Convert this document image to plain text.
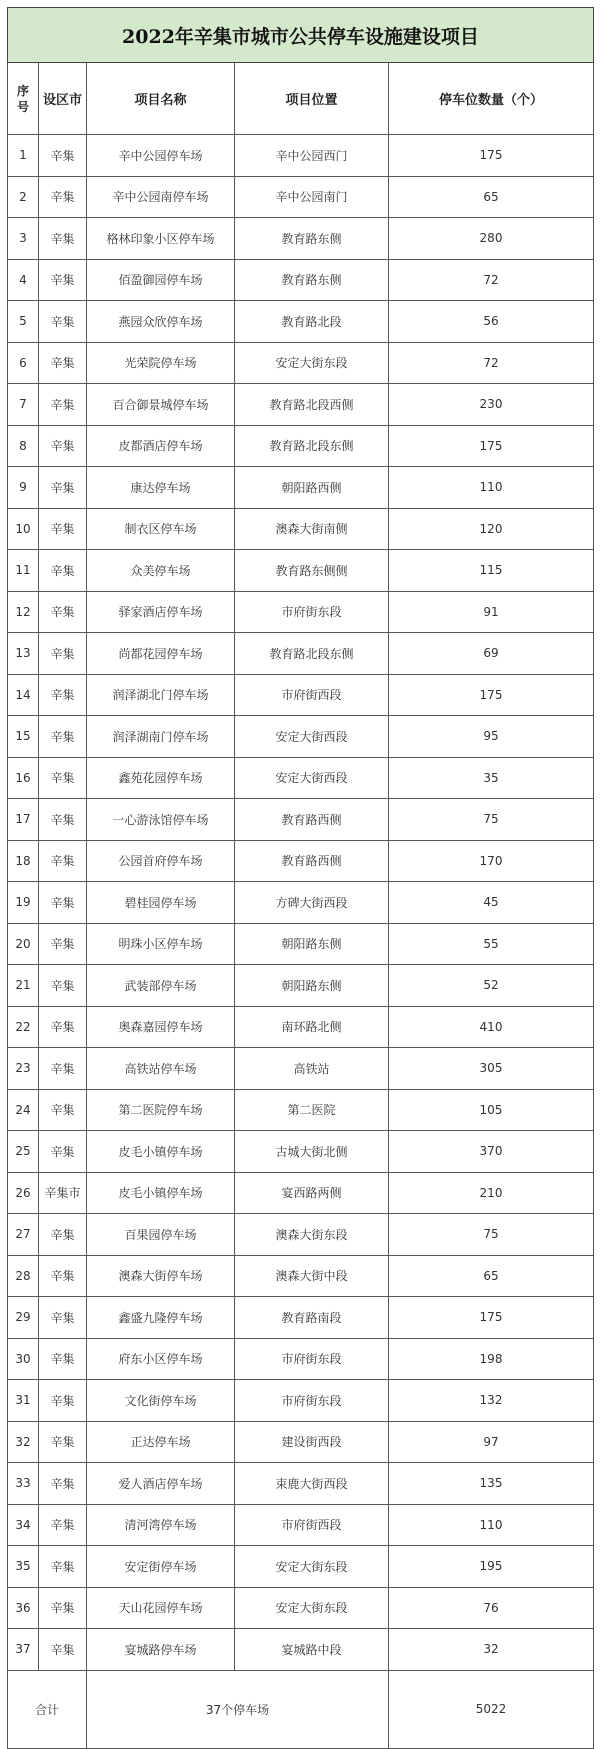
2022年辛集市城市公共停车设施建设项目				
序号	设区市	项目名称	项目位置	停车位数量（个）
1	辛集	辛中公园停车场	辛中公园西门	175
2	辛集	辛中公园南停车场	辛中公园南门	65
3	辛集	格林印象小区停车场	教育路东侧	280
4	辛集	佰盈御园停车场	教育路东侧	72
5	辛集	燕园众欣停车场	教育路北段	56
6	辛集	光荣院停车场	安定大街东段	72
7	辛集	百合御景城停车场	教育路北段西侧	230
8	辛集	皮都酒店停车场	教育路北段东侧	175
9	辛集	康达停车场	朝阳路西侧	110
10	辛集	制衣区停车场	澳森大街南侧	120
11	辛集	众美停车场	教育路东侧侧	115
12	辛集	驿家酒店停车场	市府街东段	91
13	辛集	尚都花园停车场	教育路北段东侧	69
14	辛集	润泽湖北门停车场	市府街西段	175
15	辛集	润泽湖南门停车场	安定大街西段	95
16	辛集	鑫苑花园停车场	安定大街西段	35
17	辛集	一心游泳馆停车场	教育路西侧	75
18	辛集	公园首府停车场	教育路西侧	170
19	辛集	碧桂园停车场	方碑大街西段	45
20	辛集	明珠小区停车场	朝阳路东侧	55
21	辛集	武装部停车场	朝阳路东侧	52
22	辛集	奥森嘉园停车场	南环路北侧	410
23	辛集	高铁站停车场	高铁站	305
24	辛集	第二医院停车场	第二医院	105
25	辛集	皮毛小镇停车场	古城大街北侧	370
26	辛集市	皮毛小镇停车场	宴西路两侧	210
27	辛集	百果园停车场	澳森大街东段	75
28	辛集	澳森大街停车场	澳森大街中段	65
29	辛集	鑫盛九隆停车场	教育路南段	175
30	辛集	府东小区停车场	市府街东段	198
31	辛集	文化街停车场	市府街东段	132
32	辛集	正达停车场	建设街西段	97
33	辛集	爱人酒店停车场	束鹿大街西段	135
34	辛集	清河湾停车场	市府街西段	110
35	辛集	安定街停车场	安定大街东段	195
36	辛集	天山花园停车场	安定大街东段	76
37	辛集	宴城路停车场	宴城路中段	32
合计		37个停车场		5022
